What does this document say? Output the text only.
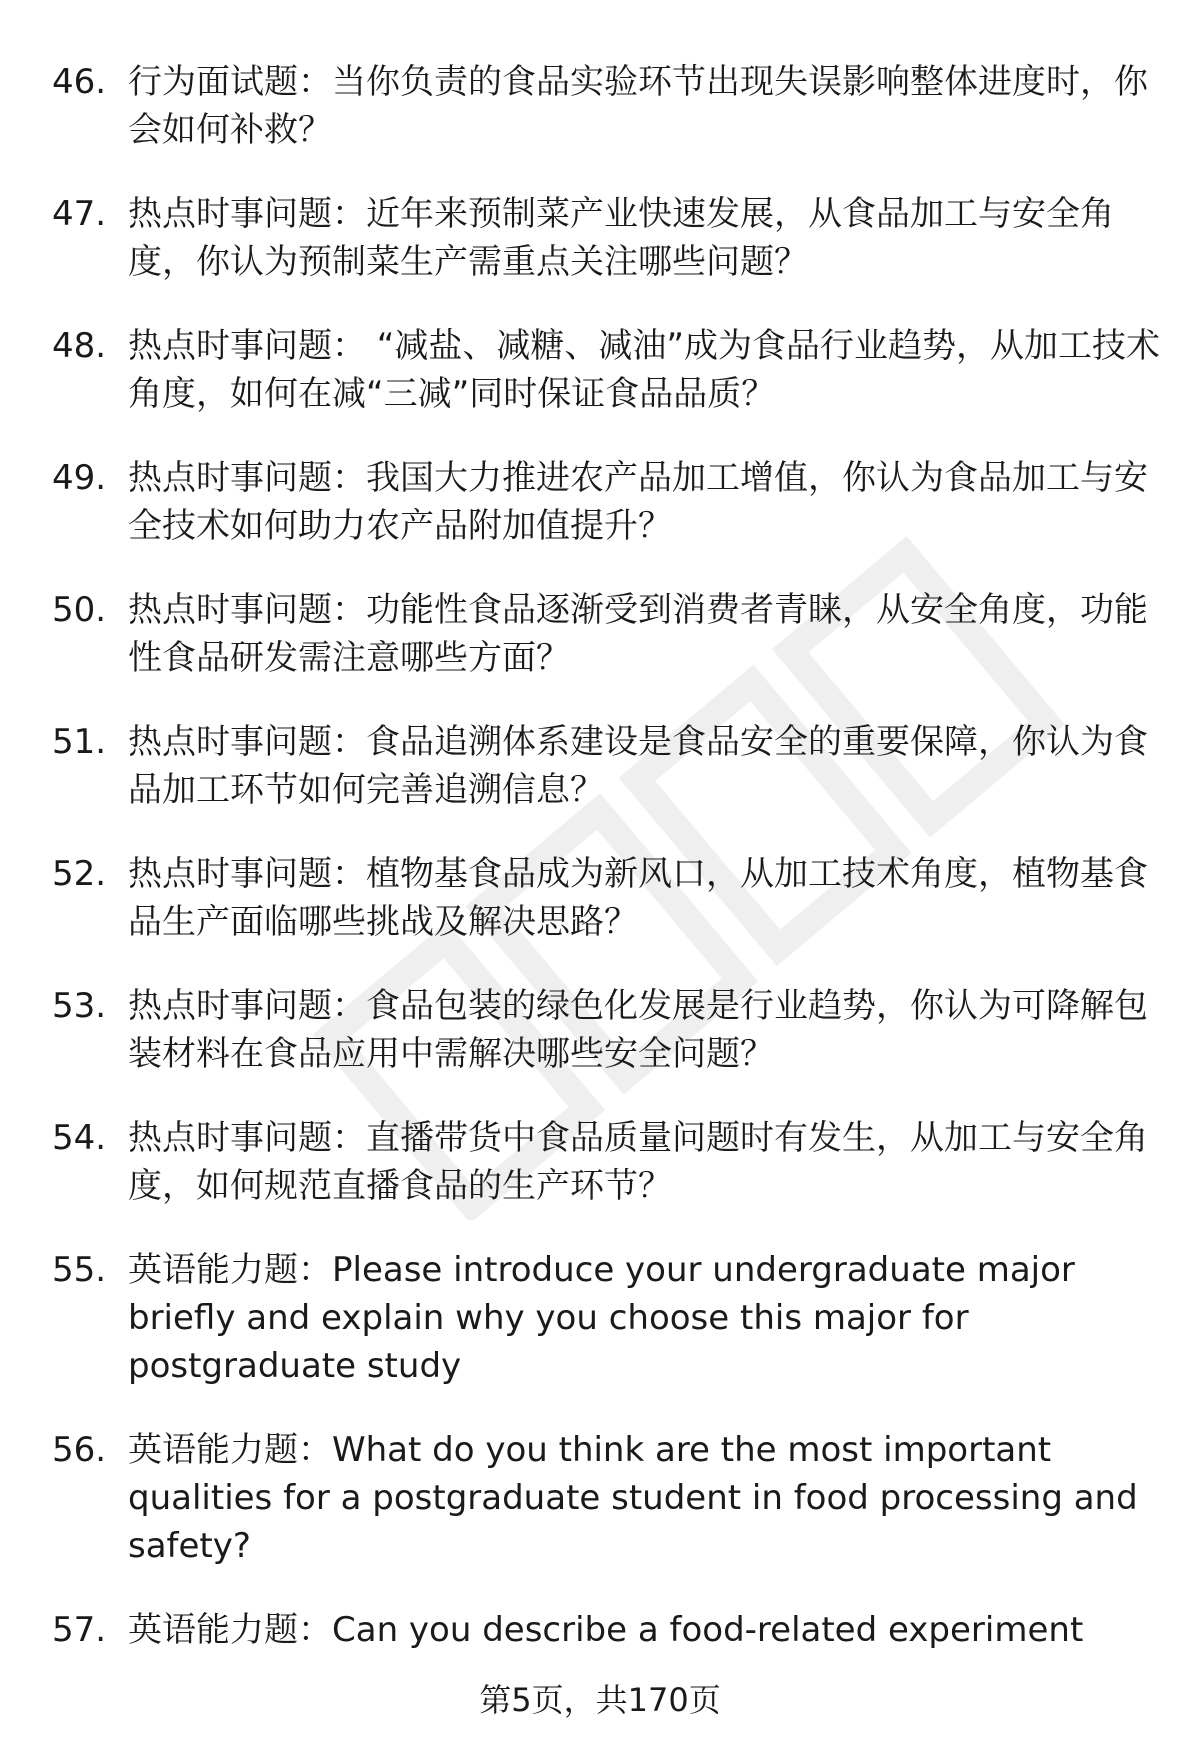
46. 行为面试题：当你负责的食品实验环节出现失误影响整体进度时，你会如何补救？
47. 热点时事问题：近年来预制菜产业快速发展，从食品加工与安全角度，你认为预制菜生产需重点关注哪些问题？
48. 热点时事问题： “减盐、减糖、减油”成为食品行业趋势，从加工技术角度，如何在减“三减”同时保证食品品质？
49. 热点时事问题：我国大力推进农产品加工增值，你认为食品加工与安全技术如何助力农产品附加值提升？
50. 热点时事问题：功能性食品逐渐受到消费者青睐，从安全角度，功能性食品研发需注意哪些方面？
51. 热点时事问题：食品追溯体系建设是食品安全的重要保障，你认为食品加工环节如何完善追溯信息？
52. 热点时事问题：植物基食品成为新风口，从加工技术角度，植物基食品生产面临哪些挑战及解决思路？
53. 热点时事问题：食品包装的绿色化发展是行业趋势，你认为可降解包装材料在食品应用中需解决哪些安全问题？
54. 热点时事问题：直播带货中食品质量问题时有发生，从加工与安全角度，如何规范直播食品的生产环节？
55. 英语能力题：Please introduce your undergraduate major briefly and explain why you choose this major for postgraduate study
56. 英语能力题：What do you think are the most important qualities for a postgraduate student in food processing and safety?
57. 英语能力题：Can you describe a food-related experiment
第5页，共170页
